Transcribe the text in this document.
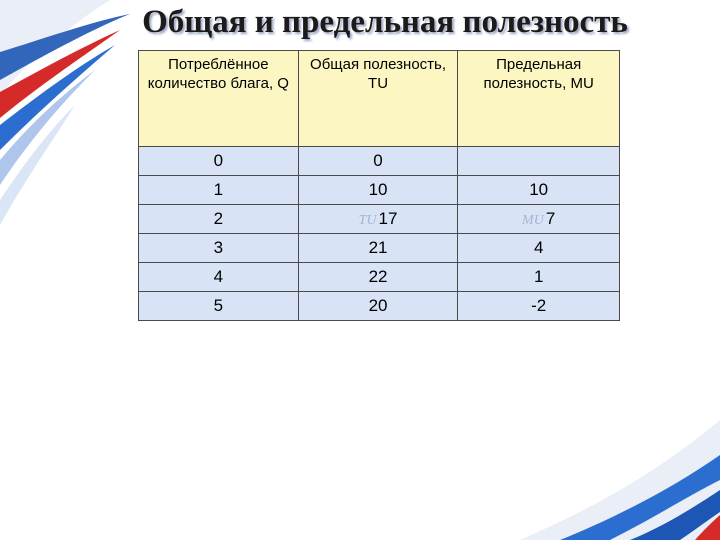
Общая и предельная полезность
Потреблённое количество блага, Q	Общая полезность, TU	Предельная полезность, MU
0	0	
1	10	10
2	TU 17	MU 7
3	21	4
4	22	1
5	20	-2
